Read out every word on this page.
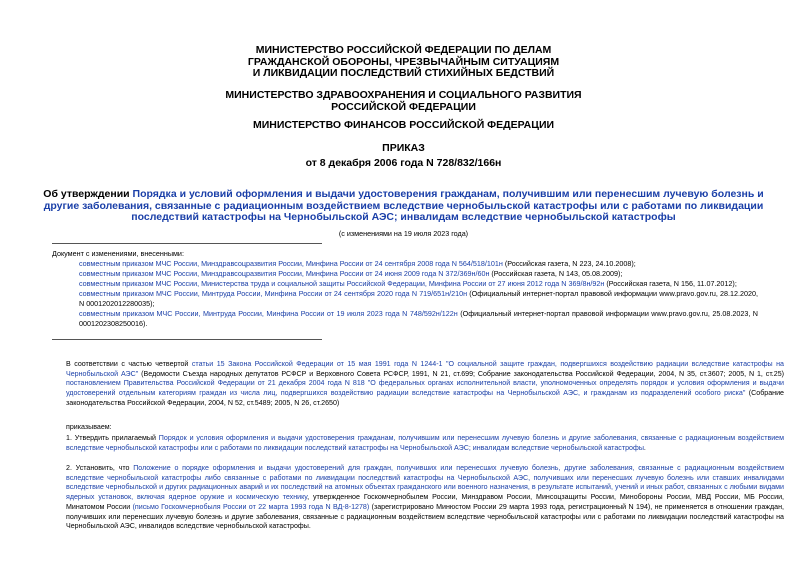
МИНИСТЕРСТВО РОССИЙСКОЙ ФЕДЕРАЦИИ ПО ДЕЛАМ
ГРАЖДАНСКОЙ ОБОРОНЫ, ЧРЕЗВЫЧАЙНЫМ СИТУАЦИЯМ
И ЛИКВИДАЦИИ ПОСЛЕДСТВИЙ СТИХИЙНЫХ БЕДСТВИЙ
МИНИСТЕРСТВО ЗДРАВООХРАНЕНИЯ И СОЦИАЛЬНОГО РАЗВИТИЯ
РОССИЙСКОЙ ФЕДЕРАЦИИ
МИНИСТЕРСТВО ФИНАНСОВ РОССИЙСКОЙ ФЕДЕРАЦИИ
ПРИКАЗ
от 8 декабря 2006 года N 728/832/166н
Об утверждении Порядка и условий оформления и выдачи удостоверения гражданам, получившим или перенесшим лучевую болезнь и другие заболевания, связанные с радиационным воздействием вследствие чернобыльской катастрофы или с работами по ликвидации последствий катастрофы на Чернобыльской АЭС; инвалидам вследствие чернобыльской катастрофы
(с изменениями на 19 июля 2023 года)
Документ с изменениями, внесенными:
совместным приказом МЧС России, Минздравсоцразвития России, Минфина России от 24 сентября 2008 года N 564/518/101н (Российская газета, N 223, 24.10.2008);
совместным приказом МЧС России, Минздравсоцразвития России, Минфина России от 24 июня 2009 года N 372/369н/60н (Российская газета, N 143, 05.08.2009);
совместным приказом МЧС России, Министерства труда и социальной защиты Российской Федерации, Минфина России от 27 июня 2012 года N 369/8н/92н (Российская газета, N 156, 11.07.2012);
совместным приказом МЧС России, Минтруда России, Минфина России от 24 сентября 2020 года N 719/651н/210н (Официальный интернет-портал правовой информации www.pravo.gov.ru, 28.12.2020, N 0001202012280035);
совместным приказом МЧС России, Минтруда России, Минфина России от 19 июля 2023 года N 748/592н/122н (Официальный интернет-портал правовой информации www.pravo.gov.ru, 25.08.2023, N 0001202308250016).
В соответствии с частью четвертой статьи 15 Закона Российской Федерации от 15 мая 1991 года N 1244-1 "О социальной защите граждан, подвергшихся воздействию радиации вследствие катастрофы на Чернобыльской АЭС" (Ведомости Съезда народных депутатов РСФСР и Верховного Совета РСФСР, 1991, N 21, ст.699; Собрание законодательства Российской Федерации, 2004, N 35, ст.3607; 2005, N 1, ст.25) постановлением Правительства Российской Федерации от 21 декабря 2004 года N 818 "О федеральных органах исполнительной власти, уполномоченных определять порядок и условия оформления и выдачи удостоверений отдельным категориям граждан из числа лиц, подвергшихся воздействию радиации вследствие катастрофы на Чернобыльской АЭС, и гражданам из подразделений особого риска" (Собрание законодательства Российской Федерации, 2004, N 52, ст.5489; 2005, N 26, ст.2650)
приказываем:
1. Утвердить прилагаемый Порядок и условия оформления и выдачи удостоверения гражданам, получившим или перенесшим лучевую болезнь и другие заболевания, связанные с радиационным воздействием вследствие чернобыльской катастрофы или с работами по ликвидации последствий катастрофы на Чернобыльской АЭС; инвалидам вследствие чернобыльской катастрофы.
2. Установить, что Положение о порядке оформления и выдачи удостоверений для граждан, получивших или перенесших лучевую болезнь, другие заболевания, связанные с радиационным воздействием вследствие чернобыльской катастрофы либо связанные с работами по ликвидации последствий катастрофы на Чернобыльской АЭС, получивших или перенесших лучевую болезнь или ставших инвалидами вследствие чернобыльской и других радиационных аварий и их последствий на атомных объектах гражданского или военного назначения, в результате испытаний, учений и иных работ, связанных с любыми видами ядерных установок, включая ядерное оружие и космическую технику, утвержденное Госкомчернобылем России, Минздравом России, Минсоцзащиты России, Минобороны России, МВД России, МБ России, Минатомом России (письмо Госкомчернобыля России от 22 марта 1993 года N ВД-8-1278) (зарегистрировано Минюстом России 29 марта 1993 года, регистрационный N 194), не применяется в отношении граждан, получивших или перенесших лучевую болезнь и другие заболевания, связанные с радиационным воздействием вследствие чернобыльской катастрофы или с работами по ликвидации последствий катастрофы на Чернобыльской АЭС, инвалидов вследствие чернобыльской катастрофы.
